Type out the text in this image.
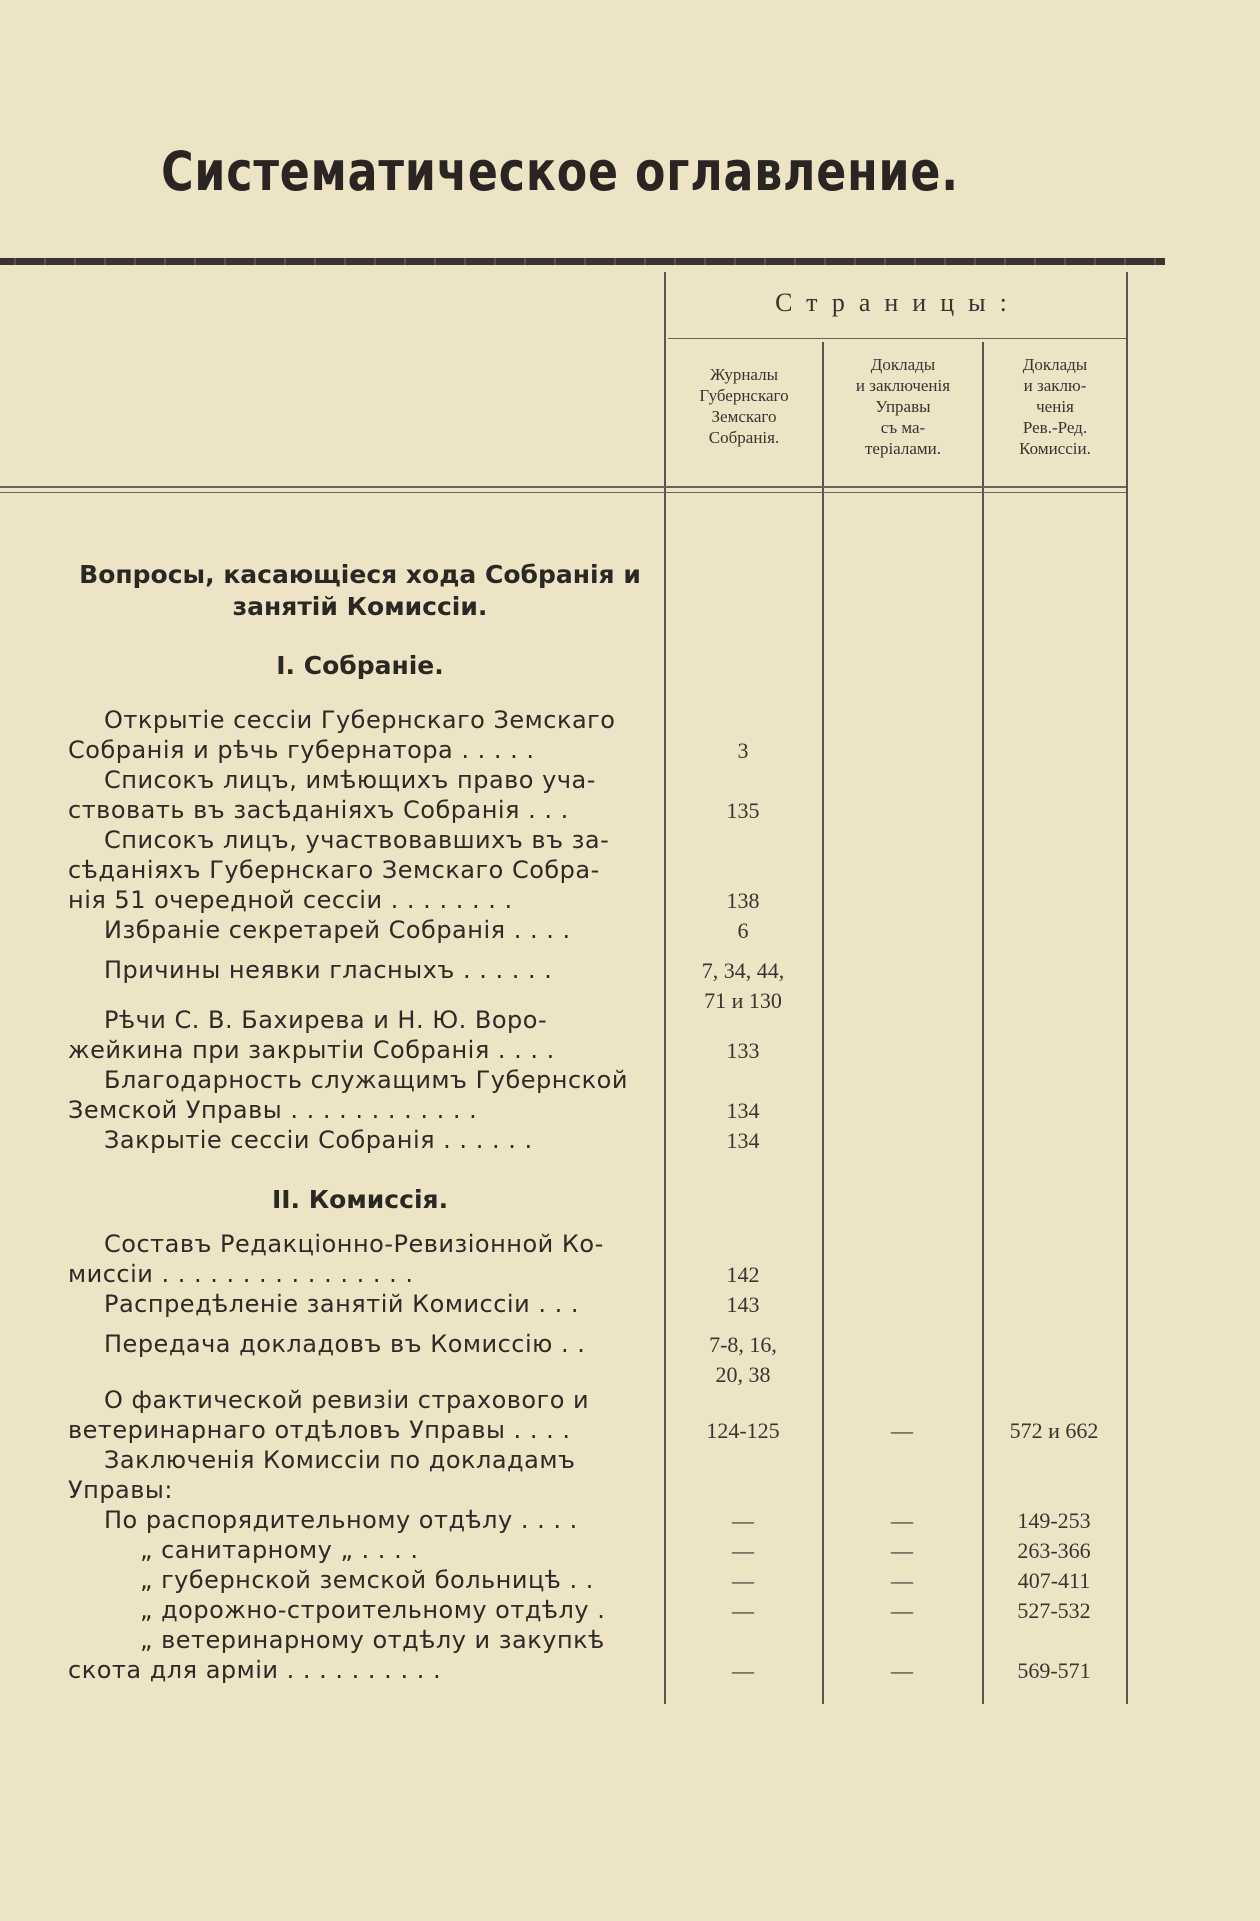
Систематическое оглавление.
Страницы:
Журналы
Губернскаго
Земскаго
Собранія.
Доклады
и заключенія
Управы
съ ма-
теріалами.
Доклады
и заклю-
ченія
Рев.-Ред.
Комиссіи.
Вопросы, касающіеся хода Собранія и
занятій Комиссіи.
I. Собраніе.
II. Комиссія.
Открытіе сессіи Губернскаго Земскаго
Собранія и рѣчь губернатора . . . . .	3
Списокъ лицъ, имѣющихъ право уча-
ствовать въ засѣданіяхъ Собранія . . .	135
Списокъ лицъ, участвовавшихъ въ за-
сѣданіяхъ Губернскаго Земскаго Собра-
нія 51 очередной сессіи . . . . . . . .	138
Избраніе секретарей Собранія . . . .	6
Причины неявки гласныхъ . . . . . .	7, 34, 44,
71 и 130
Рѣчи С. В. Бахирева и Н. Ю. Воро-
жейкина при закрытіи Собранія . . . .	133
Благодарность служащимъ Губернской
Земской Управы . . . . . . . . . . . .	134
Закрытіе сессіи Собранія . . . . . .	134
Составъ Редакціонно-Ревизіонной Ко-
миссіи . . . . . . . . . . . . . . . .	142
Распредѣленіе занятій Комиссіи . . .	143
Передача докладовъ въ Комиссію . .	7-8, 16,
20, 38
О фактической ревизіи страхового и
ветеринарнаго отдѣловъ Управы . . . .	124-125	—	572 и 662
Заключенія Комиссіи по докладамъ
Управы:
По распорядительному отдѣлу . . . .	—	—	149-253
„ санитарному „ . . . .	—	—	263-366
„ губернской земской больницѣ . .	—	—	407-411
„ дорожно-строительному отдѣлу .	—	—	527-532
„ ветеринарному отдѣлу и закупкѣ
скота для арміи . . . . . . . . . .	—	—	569-571
